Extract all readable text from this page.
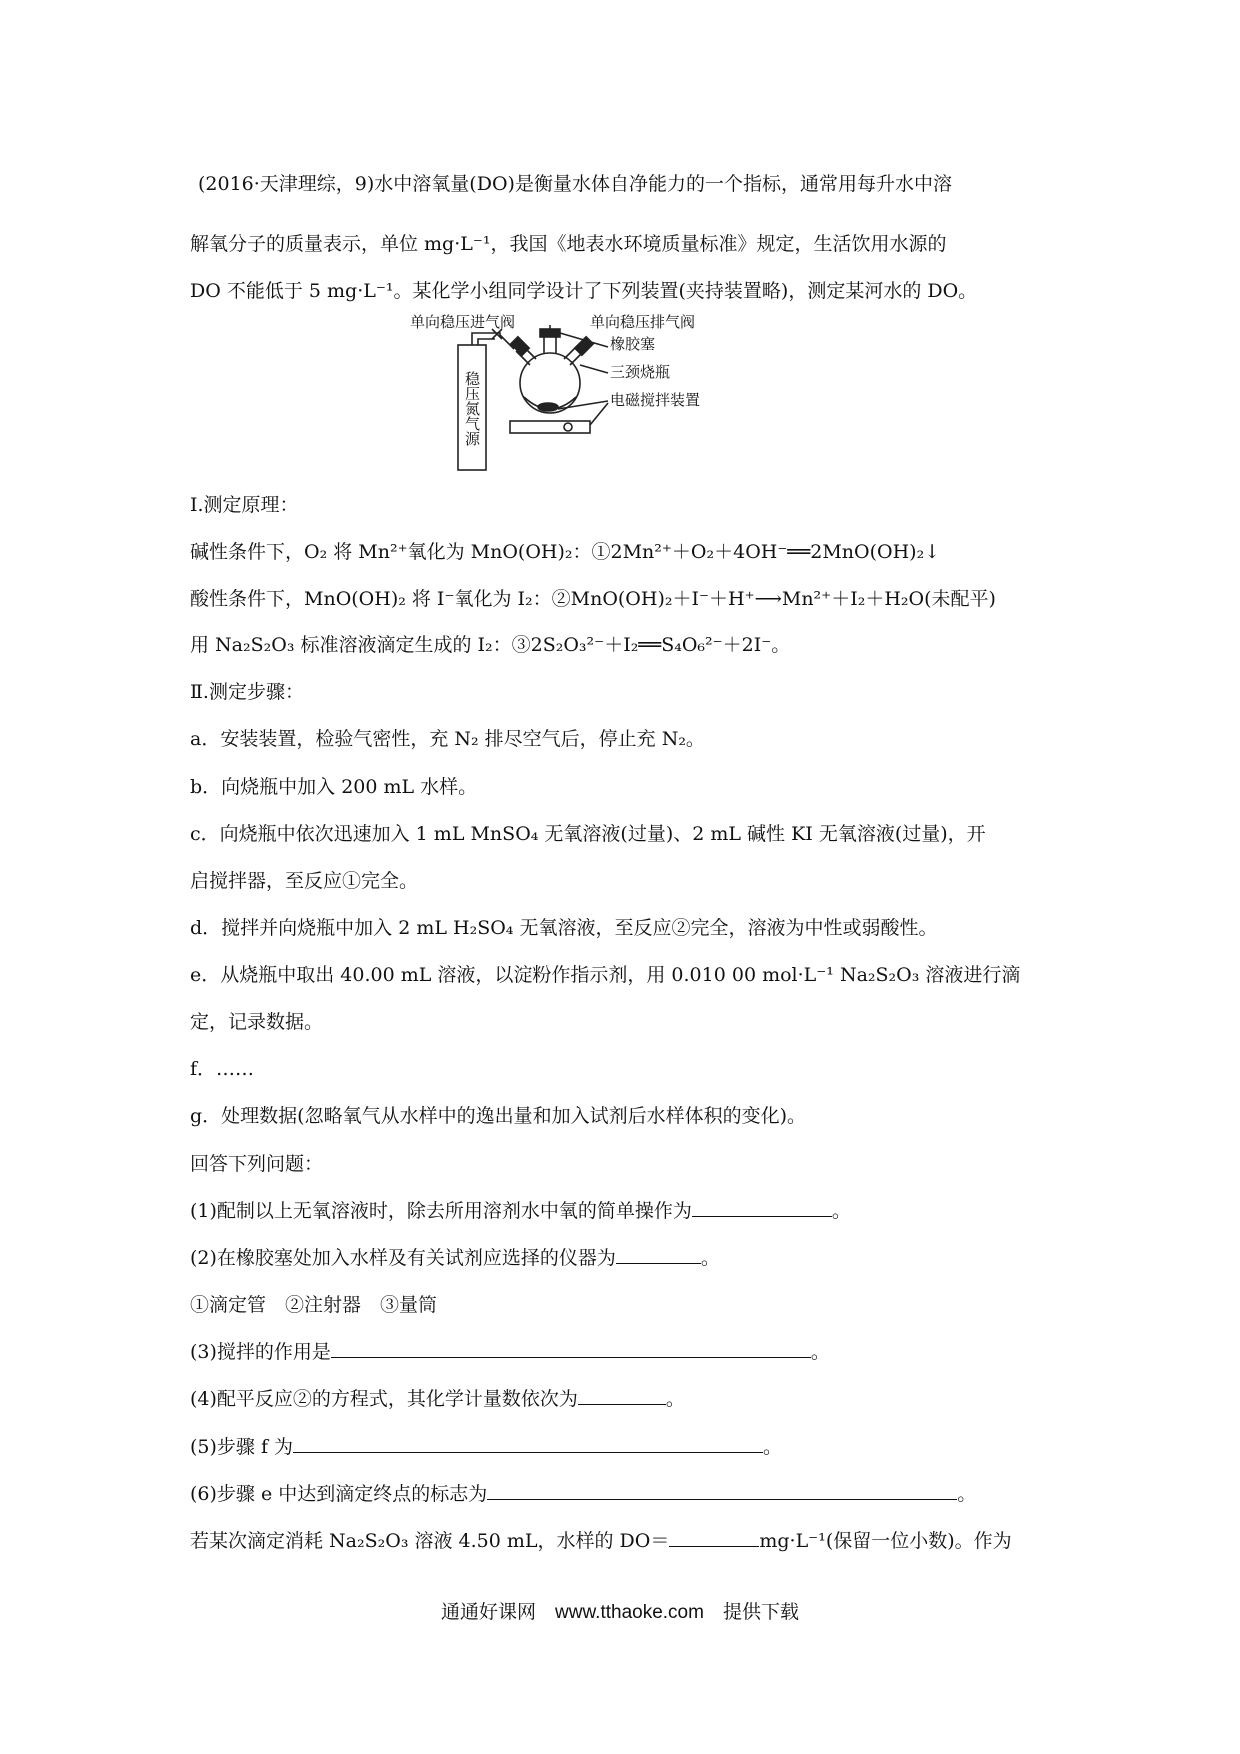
(2016·天津理综，9)水中溶氧量(DO)是衡量水体自净能力的一个指标，通常用每升水中溶
解氧分子的质量表示，单位 mg·L⁻¹，我国《地表水环境质量标准》规定，生活饮用水源的
DO 不能低于 5 mg·L⁻¹。某化学小组同学设计了下列装置(夹持装置略)，测定某河水的 DO。
单向稳压进气阀	单向稳压排气阀
橡胶塞
三颈烧瓶
电磁搅拌装置
稳压氮气源
Ⅰ.测定原理：
碱性条件下，O₂ 将 Mn²⁺氧化为 MnO(OH)₂：①2Mn²⁺＋O₂＋4OH⁻══2MnO(OH)₂↓
酸性条件下，MnO(OH)₂ 将 I⁻氧化为 I₂：②MnO(OH)₂＋I⁻＋H⁺⟶Mn²⁺＋I₂＋H₂O(未配平)
用 Na₂S₂O₃ 标准溶液滴定生成的 I₂：③2S₂O₃²⁻＋I₂══S₄O₆²⁻＋2I⁻。
Ⅱ.测定步骤：
a．安装装置，检验气密性，充 N₂ 排尽空气后，停止充 N₂。
b．向烧瓶中加入 200 mL 水样。
c．向烧瓶中依次迅速加入 1 mL MnSO₄ 无氧溶液(过量)、2 mL 碱性 KI 无氧溶液(过量)，开
启搅拌器，至反应①完全。
d．搅拌并向烧瓶中加入 2 mL H₂SO₄ 无氧溶液，至反应②完全，溶液为中性或弱酸性。
e．从烧瓶中取出 40.00 mL 溶液，以淀粉作指示剂，用 0.010 00 mol·L⁻¹ Na₂S₂O₃ 溶液进行滴
定，记录数据。
f．……
g．处理数据(忽略氧气从水样中的逸出量和加入试剂后水样体积的变化)。
回答下列问题：
(1)配制以上无氧溶液时，除去所用溶剂水中氧的简单操作为	。
(2)在橡胶塞处加入水样及有关试剂应选择的仪器为	。
①滴定管　②注射器　③量筒
(3)搅拌的作用是	。
(4)配平反应②的方程式，其化学计量数依次为	。
(5)步骤 f 为	。
(6)步骤 e 中达到滴定终点的标志为	。
若某次滴定消耗 Na₂S₂O₃ 溶液 4.50 mL，水样的 DO＝	mg·L⁻¹(保留一位小数)。作为
通通好课网　www.tthaoke.com　提供下载
